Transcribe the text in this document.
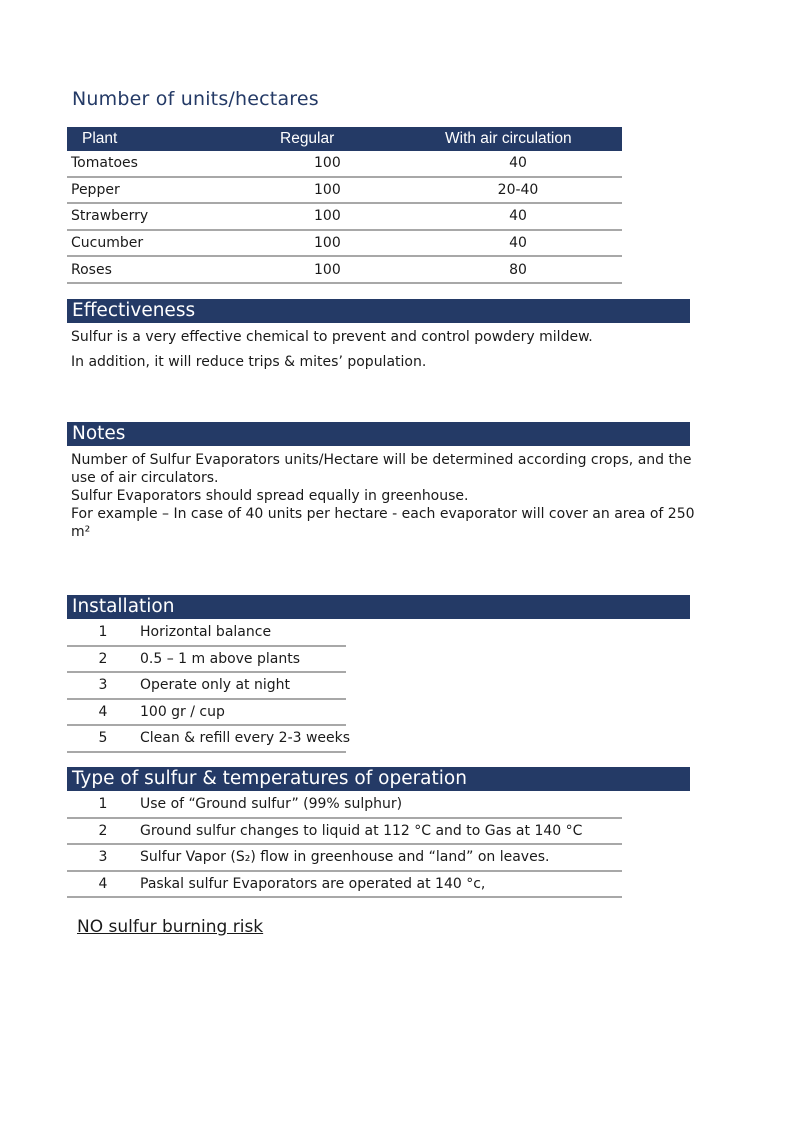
Number of units/hectares
Plant	Regular	With air circulation
Tomatoes	100	40
Pepper	100	20-40
Strawberry	100	40
Cucumber	100	40
Roses	100	80
Effectiveness
Sulfur is a very effective chemical to prevent and control powdery mildew.
In addition, it will reduce trips & mites’ population.
Notes
Number of Sulfur Evaporators units/Hectare will be determined according crops, and the use of air circulators.
Sulfur Evaporators should spread equally in greenhouse.
For example – In case of 40 units per hectare - each evaporator will cover an area of 250 m²
Installation
1	Horizontal balance
2	0.5 – 1 m above plants
3	Operate only at night
4	100 gr / cup
5	Clean & refill every 2-3 weeks
Type of sulfur & temperatures of operation
1	Use of “Ground sulfur” (99% sulphur)
2	Ground sulfur changes to liquid at 112 °C and to Gas at 140 °C
3	Sulfur Vapor (S₂) flow in greenhouse and “land” on leaves.
4	Paskal sulfur Evaporators are operated at 140 °c,
NO sulfur burning risk
